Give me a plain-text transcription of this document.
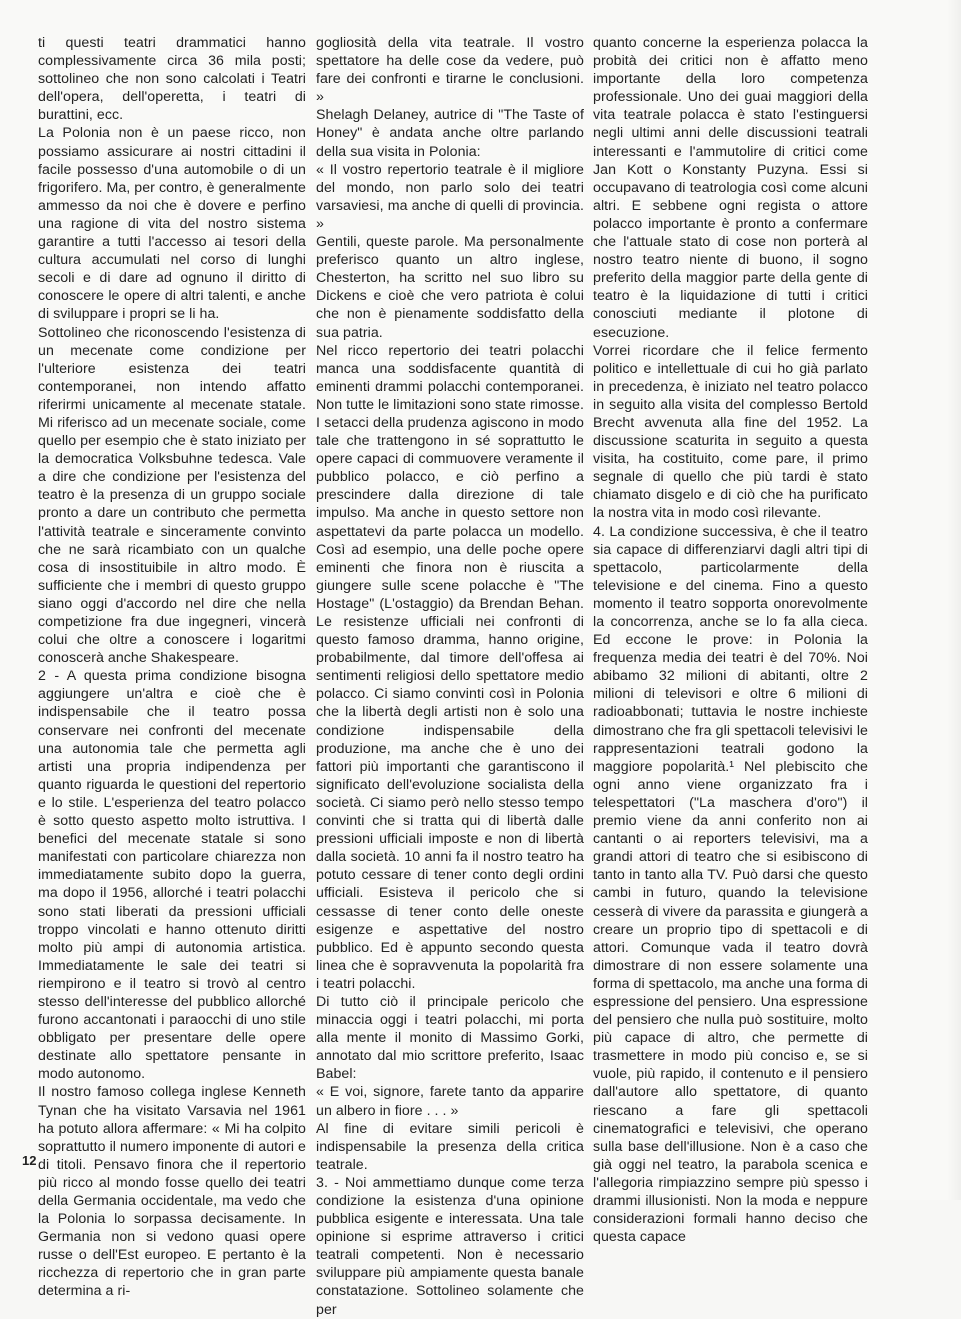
ti questi teatri drammatici hanno complessivamente circa 36 mila posti; sottolineo che non sono calcolati i Teatri dell'opera, dell'operetta, i teatri di burattini, ecc.

La Polonia non è un paese ricco, non possiamo assicurare ai nostri cittadini il facile possesso d'una automobile o di un frigorifero. Ma, per contro, è generalmente ammesso da noi che è dovere e perfino una ragione di vita del nostro sistema garantire a tutti l'accesso ai tesori della cultura accumulati nel corso di lunghi secoli e di dare ad ognuno il diritto di conoscere le opere di altri talenti, e anche di sviluppare i propri se li ha.

Sottolineo che riconoscendo l'esistenza di un mecenate come condizione per l'ulteriore esistenza dei teatri contemporanei, non intendo affatto riferirmi unicamente al mecenate statale. Mi riferisco ad un mecenate sociale, come quello per esempio che è stato iniziato per la democratica Volksbuhne tedesca. Vale a dire che condizione per l'esistenza del teatro è la presenza di un gruppo sociale pronto a dare un contributo che permetta l'attività teatrale e sinceramente convinto che ne sarà ricambiato con un qualche cosa di insostituibile in altro modo. È sufficiente che i membri di questo gruppo siano oggi d'accordo nel dire che nella competizione fra due ingegneri, vincerà colui che oltre a conoscere i logaritmi conoscerà anche Shakespeare.

2 - A questa prima condizione bisogna aggiungere un'altra e cioè che è indispensabile che il teatro possa conservare nei confronti del mecenate una autonomia tale che permetta agli artisti una propria indipendenza per quanto riguarda le questioni del repertorio e lo stile. L'esperienza del teatro polacco è sotto questo aspetto molto istruttiva. I benefici del mecenate statale si sono manifestati con particolare chiarezza non immediatamente subito dopo la guerra, ma dopo il 1956, allorché i teatri polacchi sono stati liberati da pressioni ufficiali troppo vincolati e hanno ottenuto diritti molto più ampi di autonomia artistica. Immediatamente le sale dei teatri si riempirono e il teatro si trovò al centro stesso dell'interesse del pubblico allorché furono accantonati i paraocchi di uno stile obbligato per presentare delle opere destinate allo spettatore pensante in modo autonomo.

Il nostro famoso collega inglese Kenneth Tynan che ha visitato Varsavia nel 1961 ha potuto allora affermare: « Mi ha colpito soprattutto il numero imponente di autori e di titoli. Pensavo finora che il repertorio più ricco al mondo fosse quello dei teatri della Germania occidentale, ma vedo che la Polonia lo sorpassa decisamente. In Germania non si vedono quasi opere russe o dell'Est europeo. E pertanto è la ricchezza di repertorio che in gran parte determina a ri-

gogliosità della vita teatrale. Il vostro spettatore ha delle cose da vedere, può fare dei confronti e tirarne le conclusioni. »

Shelagh Delaney, autrice di "The Taste of Honey" è andata anche oltre parlando della sua visita in Polonia:

« Il vostro repertorio teatrale è il migliore del mondo, non parlo solo dei teatri varsaviesi, ma anche di quelli di provincia. »

Gentili, queste parole. Ma personalmente preferisco quanto un altro inglese, Chesterton, ha scritto nel suo libro su Dickens e cioè che vero patriota è colui che non è pienamente soddisfatto della sua patria.

Nel ricco repertorio dei teatri polacchi manca una soddisfacente quantità di eminenti drammi polacchi contemporanei. Non tutte le limitazioni sono state rimosse. I setacci della prudenza agiscono in modo tale che trattengono in sé soprattutto le opere capaci di commuovere veramente il pubblico polacco, e ciò perfino a prescindere dalla direzione di tale impulso. Ma anche in questo settore non aspettatevi da parte polacca un modello. Così ad esempio, una delle poche opere eminenti che finora non è riuscita a giungere sulle scene polacche è "The Hostage" (L'ostaggio) da Brendan Behan. Le resistenze ufficiali nei confronti di questo famoso dramma, hanno origine, probabilmente, dal timore dell'offesa ai sentimenti religiosi dello spettatore medio polacco. Ci siamo convinti così in Polonia che la libertà degli artisti non è solo una condizione indispensabile della produzione, ma anche che è uno dei fattori più importanti che garantiscono il significato dell'evoluzione socialista della società. Ci siamo però nello stesso tempo convinti che si tratta qui di libertà dalle pressioni ufficiali imposte e non di libertà dalla società. 10 anni fa il nostro teatro ha potuto cessare di tener conto degli ordini ufficiali. Esisteva il pericolo che si cessasse di tener conto delle oneste esigenze e aspettative del nostro pubblico. Ed è appunto secondo questa linea che è sopravvenuta la popolarità fra i teatri polacchi.

Di tutto ciò il principale pericolo che minaccia oggi i teatri polacchi, mi porta alla mente il monito di Massimo Gorki, annotato dal mio scrittore preferito, Isaac Babel:

« E voi, signore, farete tanto da apparire un albero in fiore . . . »

Al fine di evitare simili pericoli è indispensabile la presenza della critica teatrale.

3. - Noi ammettiamo dunque come terza condizione la esistenza d'una opinione pubblica esigente e interessata. Una tale opinione si esprime attraverso i critici teatrali competenti. Non è necessario sviluppare più ampiamente questa banale constatazione. Sottolineo solamente che per

quanto concerne la esperienza polacca la probità dei critici non è affatto meno importante della loro competenza professionale. Uno dei guai maggiori della vita teatrale polacca è stato l'estinguersi negli ultimi anni delle discussioni teatrali interessanti e l'ammutolire di critici come Jan Kott o Konstanty Puzyna. Essi si occupavano di teatrologia così come alcuni altri. E sebbene ogni regista o attore polacco importante è pronto a confermare che l'attuale stato di cose non porterà al nostro teatro niente di buono, il sogno preferito della maggior parte della gente di teatro è la liquidazione di tutti i critici conosciuti mediante il plotone di esecuzione.

Vorrei ricordare che il felice fermento politico e intellettuale di cui ho già parlato in precedenza, è iniziato nel teatro polacco in seguito alla visita del complesso Bertold Brecht avvenuta alla fine del 1952. La discussione scaturita in seguito a questa visita, ha costituito, come pare, il primo segnale di quello che più tardi è stato chiamato disgelo e di ciò che ha purificato la nostra vita in modo così rilevante.

4. La condizione successiva, è che il teatro sia capace di differenziarvi dagli altri tipi di spettacolo, particolarmente della televisione e del cinema. Fino a questo momento il teatro sopporta onorevolmente la concorrenza, anche se lo fa alla cieca. Ed eccone le prove: in Polonia la frequenza media dei teatri è del 70%. Noi abibamo 32 milioni di abitanti, oltre 2 milioni di televisori e oltre 6 milioni di radioabbonati; tuttavia le nostre inchieste dimostrano che fra gli spettacoli televisivi le rappresentazioni teatrali godono la maggiore popolarità.¹ Nel plebiscito che ogni anno viene organizzato fra i telespettatori ("La maschera d'oro") il premio viene da anni conferito non ai cantanti o ai reporters televisivi, ma a grandi attori di teatro che si esibiscono di tanto in tanto alla TV. Può darsi che questo cambi in futuro, quando la televisione cesserà di vivere da parassita e giungerà a creare un proprio tipo di spettacoli e di attori. Comunque vada il teatro dovrà dimostrare di non essere solamente una forma di spettacolo, ma anche una forma di espressione del pensiero. Una espressione del pensiero che nulla può sostituire, molto più capace di altro, che permette di trasmettere in modo più conciso e, se si vuole, più rapido, il contenuto e il pensiero dall'autore allo spettatore, di quanto riescano a fare gli spettacoli cinematografici e televisivi, che operano sulla base dell'illusione. Non è a caso che già oggi nel teatro, la parabola scenica e l'allegoria rimpiazzino sempre più spesso i drammi illusionisti. Non la moda e neppure considerazioni formali hanno deciso che questa capace

12
